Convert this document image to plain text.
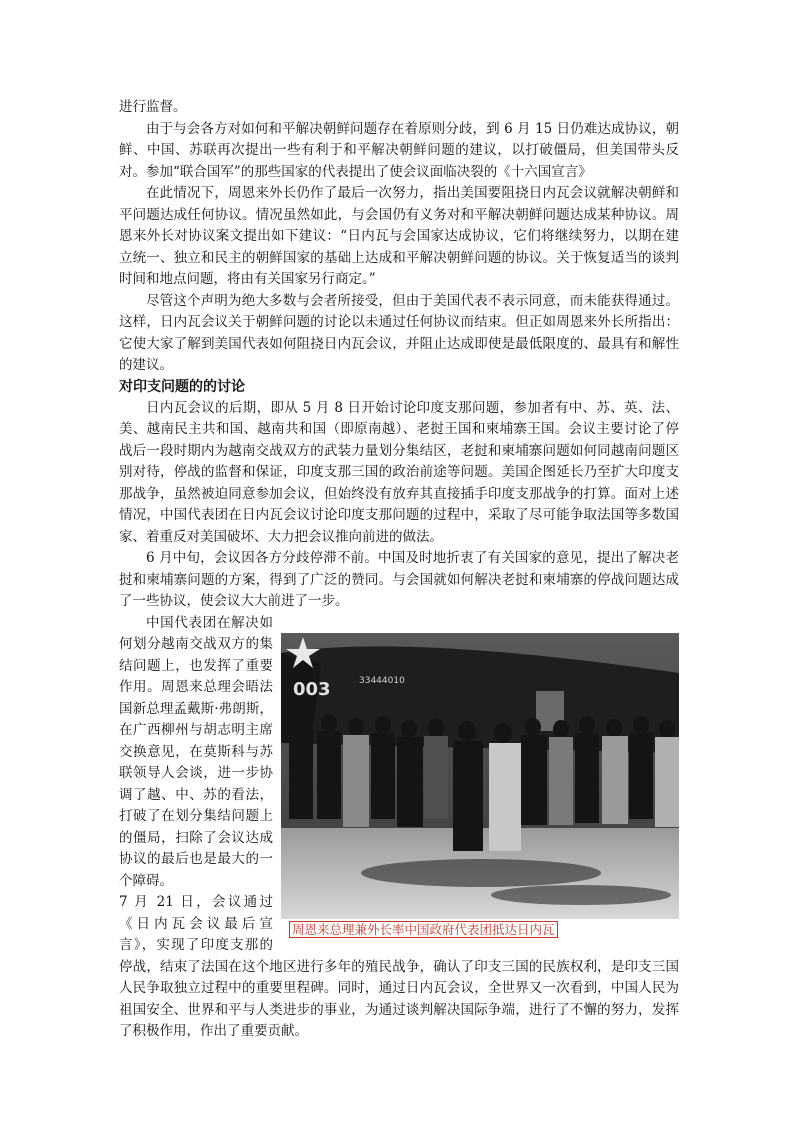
进行监督。

由于与会各方对如何和平解决朝鲜问题存在着原则分歧，到 6 月 15 日仍难达成协议，朝鲜、中国、苏联再次提出一些有利于和平解决朝鲜问题的建议，以打破僵局，但美国带头反对。参加“联合国军”的那些国家的代表提出了使会议面临决裂的《十六国宣言》

在此情况下，周恩来外长仍作了最后一次努力，指出美国要阻挠日内瓦会议就解决朝鲜和平问题达成任何协议。情况虽然如此，与会国仍有义务对和平解决朝鲜问题达成某种协议。周恩来外长对协议案文提出如下建议：“日内瓦与会国家达成协议，它们将继续努力，以期在建立统一、独立和民主的朝鲜国家的基础上达成和平解决朝鲜问题的协议。关于恢复适当的谈判时间和地点问题，将由有关国家另行商定。”

尽管这个声明为绝大多数与会者所接受，但由于美国代表不表示同意，而未能获得通过。这样，日内瓦会议关于朝鲜问题的讨论以未通过任何协议而结束。但正如周恩来外长所指出：它使大家了解到美国代表如何阻挠日内瓦会议，并阻止达成即使是最低限度的、最具有和解性的建议。

对印支问题的的讨论

日内瓦会议的后期，即从 5 月 8 日开始讨论印度支那问题，参加者有中、苏、英、法、美、越南民主共和国、越南共和国（即原南越）、老挝王国和柬埔寨王国。会议主要讨论了停战后一段时期内为越南交战双方的武装力量划分集结区，老挝和柬埔寨问题如何同越南问题区别对待，停战的监督和保证，印度支那三国的政治前途等问题。美国企图延长乃至扩大印度支那战争，虽然被迫同意参加会议，但始终没有放弃其直接插手印度支那战争的打算。面对上述情况，中国代表团在日内瓦会议讨论印度支那问题的过程中，采取了尽可能争取法国等多数国家、着重反对美国破坏、大力把会议推向前进的做法。

6 月中旬，会议因各方分歧停滞不前。中国及时地折衷了有关国家的意见，提出了解决老挝和柬埔寨问题的方案，得到了广泛的赞同。与会国就如何解决老挝和柬埔寨的停战问题达成了一些协议，使会议大大前进了一步。

003	33444010
周恩来总理兼外长率中国政府代表团抵达日内瓦

中国代表团在解决如何划分越南交战双方的集结问题上，也发挥了重要作用。周恩来总理会晤法国新总理孟戴斯·弗朗斯，在广西柳州与胡志明主席交换意见，在莫斯科与苏联领导人会谈，进一步协调了越、中、苏的看法，打破了在划分集结问题上的僵局，扫除了会议达成协议的最后也是最大的一个障碍。

7 月 21 日，会议通过《日内瓦会议最后宣言》，实现了印度支那的停战，结束了法国在这个地区进行多年的殖民战争，确认了印支三国的民族权利，是印支三国人民争取独立过程中的重要里程碑。同时，通过日内瓦会议，全世界又一次看到，中国人民为祖国安全、世界和平与人类进步的事业，为通过谈判解决国际争端，进行了不懈的努力，发挥了积极作用，作出了重要贡献。
